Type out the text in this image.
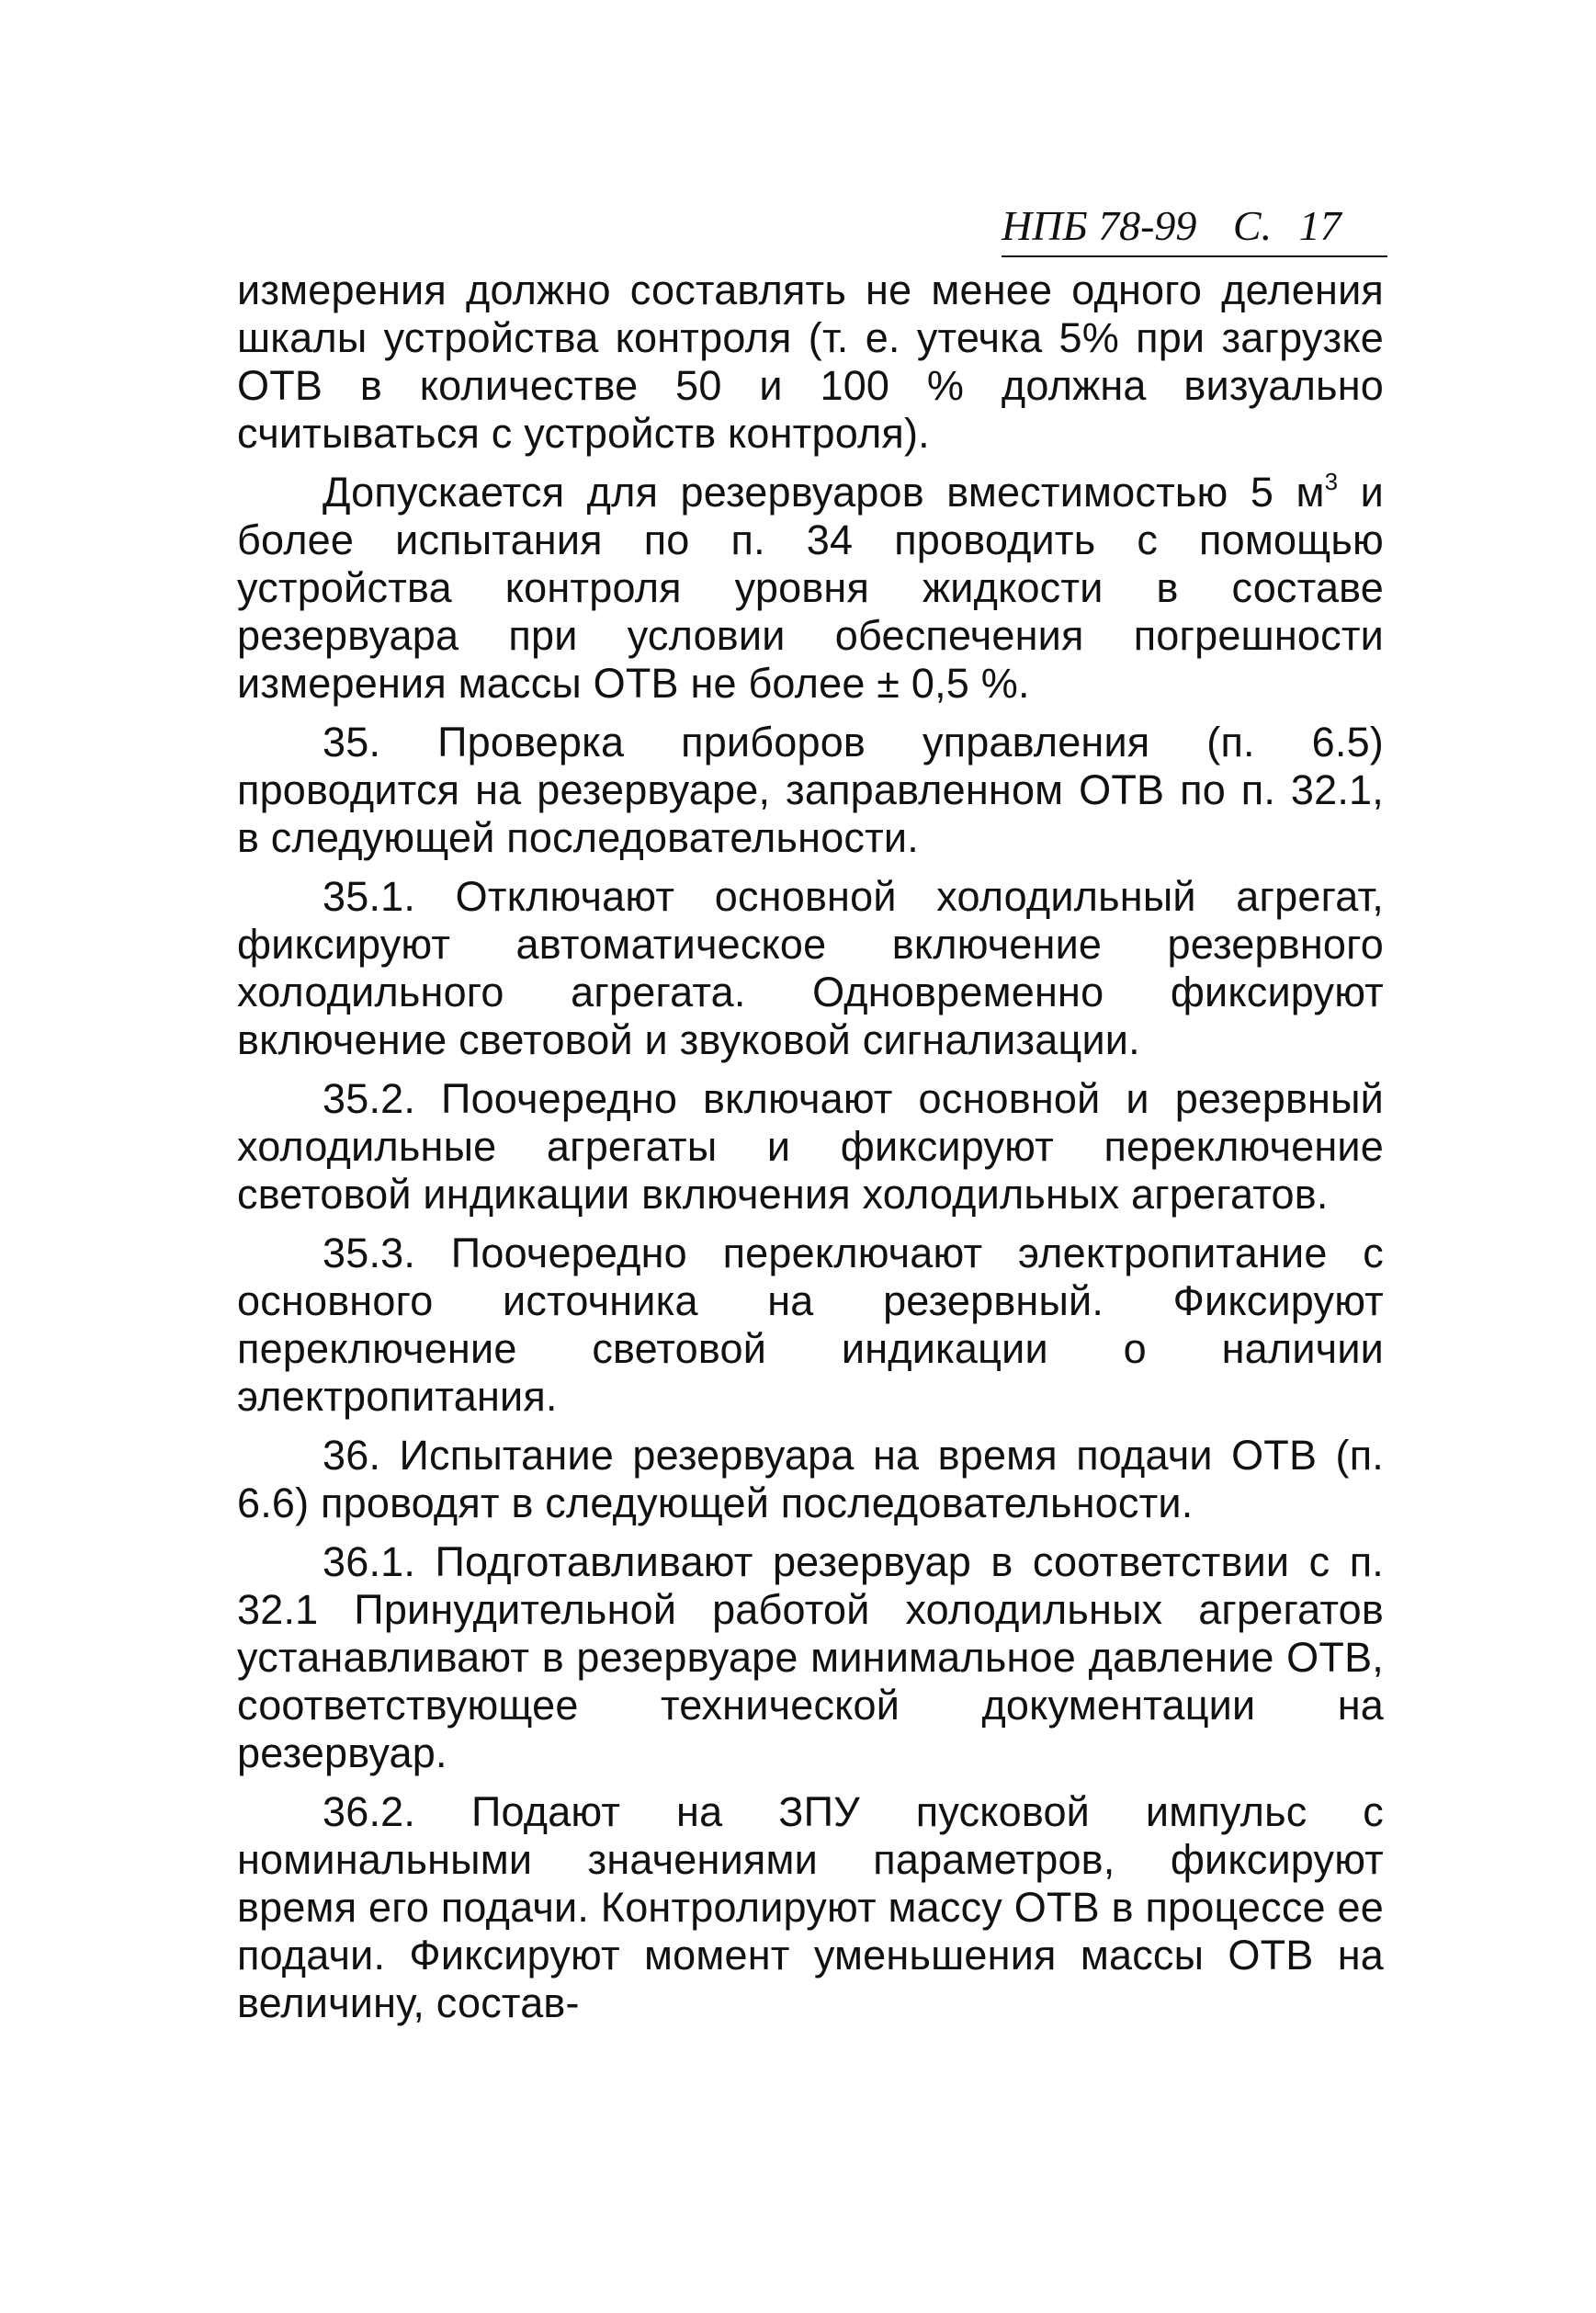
НПБ 78-99 С. 17

измерения должно составлять не менее одного деления шкалы устройства контроля (т. е. утечка 5% при загрузке ОТВ в количестве 50 и 100 % должна визуально считываться с устройств контроля).

Допускается для резервуаров вместимостью 5 $м^3$ и более испытания по п. 34 проводить с помощью устройства контроля уровня жидкости в составе резервуара при условии обеспечения погрешности измерения массы ОТВ не более ± 0,5 %.

35. Проверка приборов управления (п. 6.5) проводится на резервуаре, заправленном ОТВ по п. 32.1, в следующей последовательности.

35.1. Отключают основной холодильный агрегат, фиксируют автоматическое включение резервного холодильного агрегата. Одновременно фиксируют включение световой и звуковой сигнализации.

35.2. Поочередно включают основной и резервный холодильные агрегаты и фиксируют переключение световой индикации включения холодильных агрегатов.

35.3. Поочередно переключают электропитание с основного источника на резервный. Фиксируют переключение световой индикации о наличии электропитания.

36. Испытание резервуара на время подачи ОТВ (п. 6.6) проводят в следующей последовательности.

36.1. Подготавливают резервуар в соответствии с п. 32.1 Принудительной работой холодильных агрегатов устанавливают в резервуаре минимальное давление ОТВ, соответствующее технической документации на резервуар.

36.2. Подают на ЗПУ пусковой импульс с номинальными значениями параметров, фиксируют время его подачи. Контролируют массу ОТВ в процессе ее подачи. Фиксируют момент уменьшения массы ОТВ на величину, состав-
